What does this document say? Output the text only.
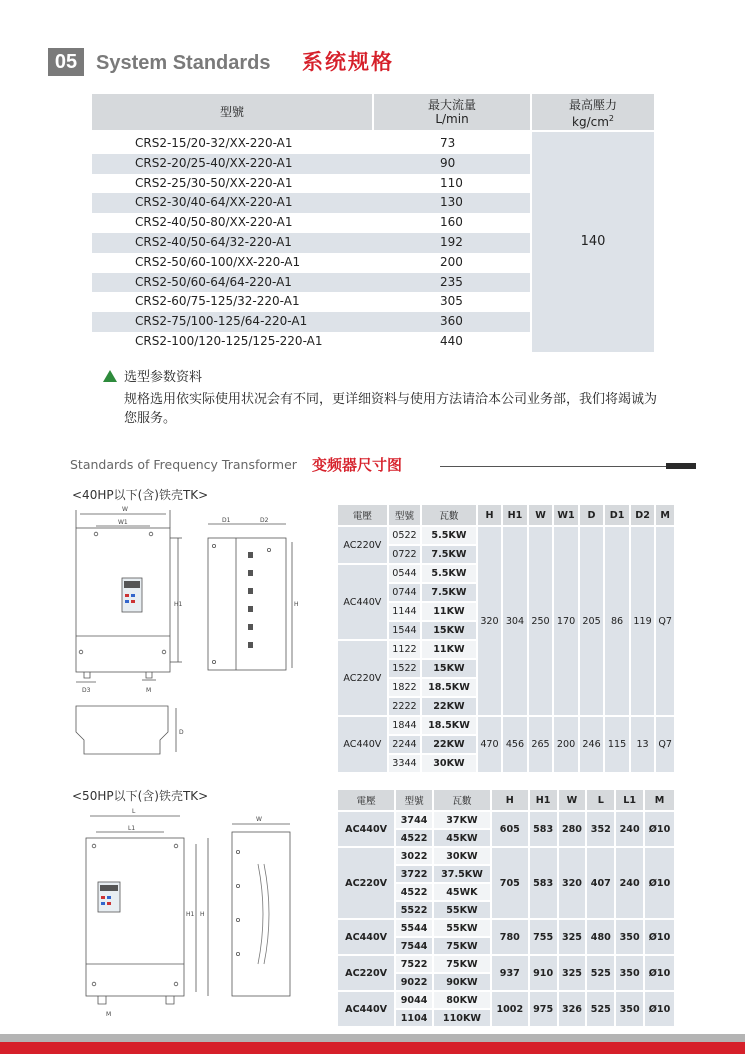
05 System Standards 系统规格
型號	最大流量
L/min
最高壓力
$kg/cm^2$
140
CRS2-15/20-32/XX-220-A1	73
CRS2-20/25-40/XX-220-A1	90
CRS2-25/30-50/XX-220-A1	110
CRS2-30/40-64/XX-220-A1	130
CRS2-40/50-80/XX-220-A1	160
CRS2-40/50-64/32-220-A1	192
CRS2-50/60-100/XX-220-A1	200
CRS2-50/60-64/64-220-A1	235
CRS2-60/75-125/32-220-A1	305
CRS2-75/100-125/64-220-A1	360
CRS2-100/120-125/125-220-A1	440
选型参数资料
规格选用依实际使用状况会有不同，更详细资料与使用方法请洽本公司业务部，我们将竭诚为您服务。
Standards of Frequency Transformer 变频器尺寸图
<40HP以下(含)铁壳TK>
<50HP以下(含)铁壳TK>
W
W1
H1	H
D1	D2
D3	M
D
L
L1
H1 H
W
M
電壓	型號	瓦數	H	H1	W	W1	D	D1	D2	M
AC220V	0522	5.5KW	320	304	250	170	205	86	119	Q7
	0722	7.5KW								
AC440V	0544	5.5KW								
	0744	7.5KW								
	1144	11KW								
	1544	15KW								
AC220V	1122	11KW								
	1522	15KW								
	1822	18.5KW								
	2222	22KW								
AC440V	1844	18.5KW	470	456	265	200	246	115	13	Q7
	2244	22KW								
	3344	30KW								
電壓	型號	瓦數	H	H1	W	L	L1	M
AC440V	3744	37KW	605	583	280	352	240	Ø10
	4522	45KW						
AC220V	3022	30KW	705	583	320	407	240	Ø10
	3722	37.5KW						
	4522	45WK						
	5522	55KW						
AC440V	5544	55KW	780	755	325	480	350	Ø10
	7544	75KW						
AC220V	7522	75KW	937	910	325	525	350	Ø10
	9022	90KW						
AC440V	9044	80KW	1002	975	326	525	350	Ø10
	1104	110KW						
